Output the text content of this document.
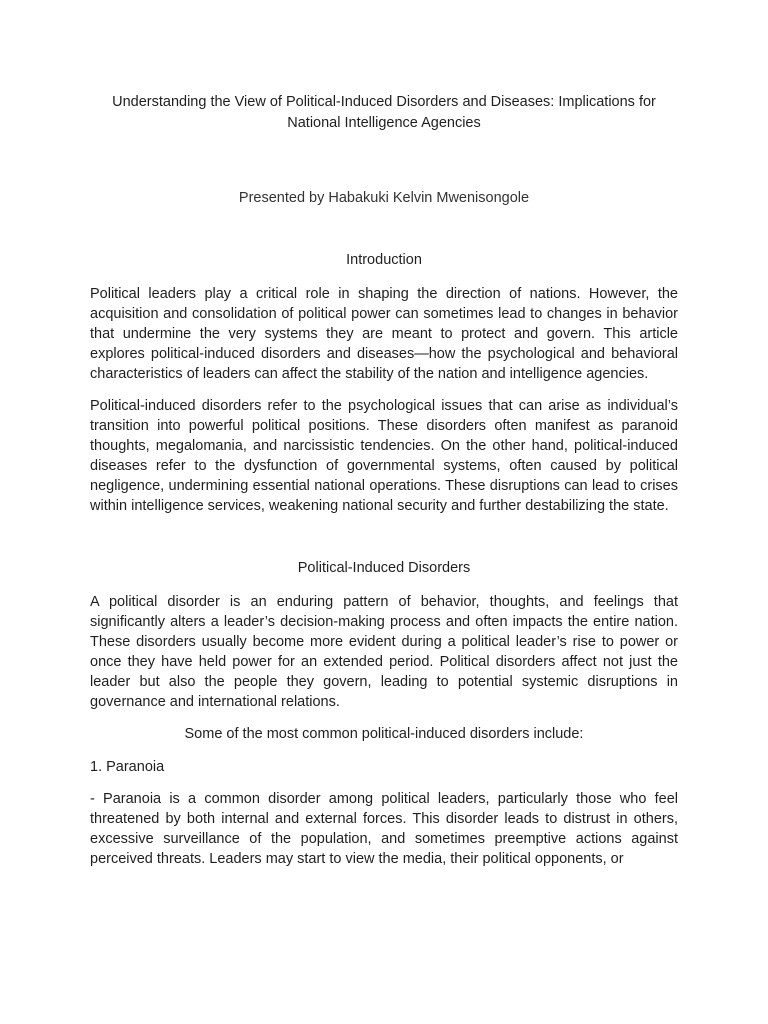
Understanding the View of Political-Induced Disorders and Diseases: Implications for National Intelligence Agencies

Presented by Habakuki Kelvin Mwenisongole

Introduction

Political leaders play a critical role in shaping the direction of nations. However, the acquisition and consolidation of political power can sometimes lead to changes in behavior that undermine the very systems they are meant to protect and govern. This article explores political-induced disorders and diseases—how the psychological and behavioral characteristics of leaders can affect the stability of the nation and intelligence agencies.

Political-induced disorders refer to the psychological issues that can arise as individual’s transition into powerful political positions. These disorders often manifest as paranoid thoughts, megalomania, and narcissistic tendencies. On the other hand, political-induced diseases refer to the dysfunction of governmental systems, often caused by political negligence, undermining essential national operations. These disruptions can lead to crises within intelligence services, weakening national security and further destabilizing the state.

Political-Induced Disorders

A political disorder is an enduring pattern of behavior, thoughts, and feelings that significantly alters a leader’s decision-making process and often impacts the entire nation. These disorders usually become more evident during a political leader’s rise to power or once they have held power for an extended period. Political disorders affect not just the leader but also the people they govern, leading to potential systemic disruptions in governance and international relations.

Some of the most common political-induced disorders include:

1. Paranoia

- Paranoia is a common disorder among political leaders, particularly those who feel threatened by both internal and external forces. This disorder leads to distrust in others, excessive surveillance of the population, and sometimes preemptive actions against perceived threats. Leaders may start to view the media, their political opponents, or
